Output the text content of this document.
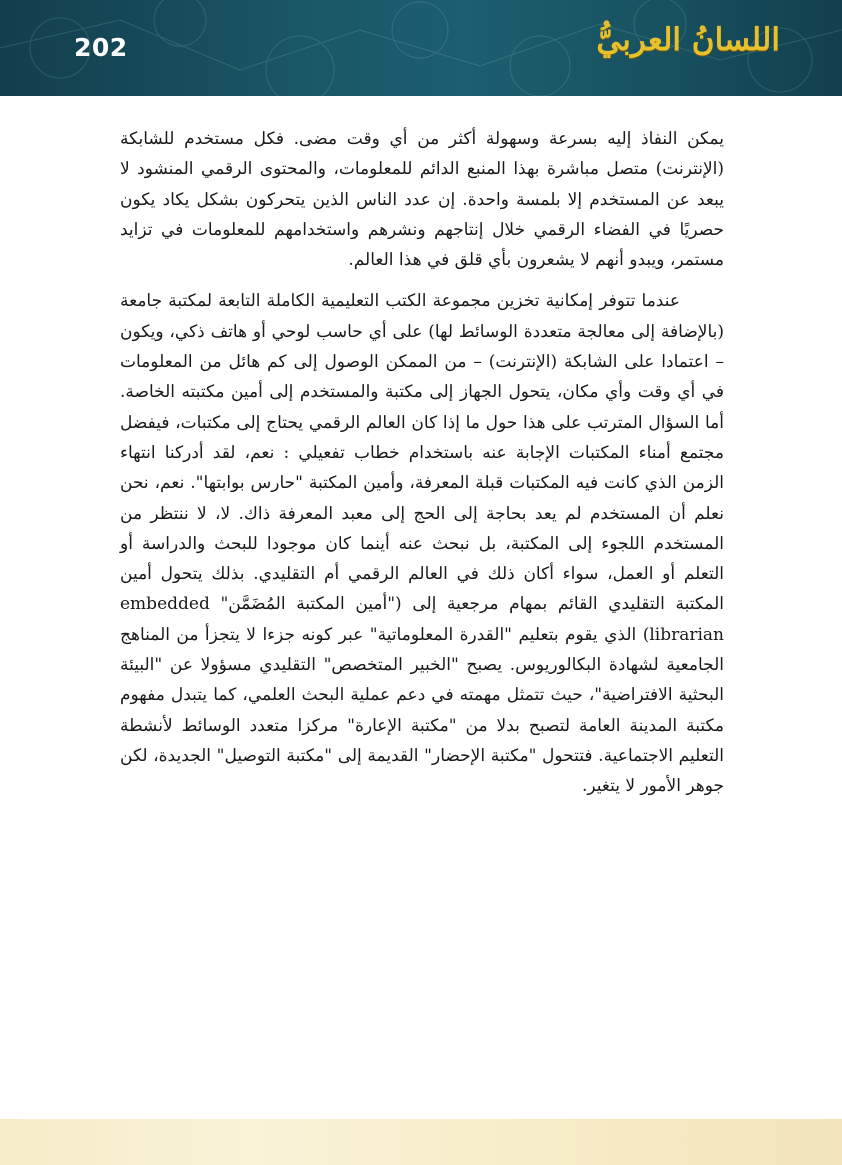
202	اللسانُ العربيُّ

يمكن النفاذ إليه بسرعة وسهولة أكثر من أي وقت مضى. فكل مستخدم للشابكة (الإنترنت) متصل مباشرة بهذا المنبع الدائم للمعلومات، والمحتوى الرقمي المنشود لا يبعد عن المستخدم إلا بلمسة واحدة. إن عدد الناس الذين يتحركون بشكل يكاد يكون حصريًا في الفضاء الرقمي خلال إنتاجهم ونشرهم واستخدامهم للمعلومات في تزايد مستمر، ويبدو أنهم لا يشعرون بأي قلق في هذا العالم.

عندما تتوفر إمكانية تخزين مجموعة الكتب التعليمية الكاملة التابعة لمكتبة جامعة (بالإضافة إلى معالجة متعددة الوسائط لها) على أي حاسب لوحي أو هاتف ذكي، ويكون – اعتمادا على الشابكة (الإنترنت) – من الممكن الوصول إلى كم هائل من المعلومات في أي وقت وأي مكان، يتحول الجهاز إلى مكتبة والمستخدم إلى أمين مكتبته الخاصة. أما السؤال المترتب على هذا حول ما إذا كان العالم الرقمي يحتاج إلى مكتبات، فيفضل مجتمع أمناء المكتبات الإجابة عنه باستخدام خطاب تفعيلي : نعم، لقد أدركنا انتهاء الزمن الذي كانت فيه المكتبات قبلة المعرفة، وأمين المكتبة "حارس بوابتها". نعم، نحن نعلم أن المستخدم لم يعد بحاجة إلى الحج إلى معبد المعرفة ذاك. لا، لا ننتظر من المستخدم اللجوء إلى المكتبة، بل نبحث عنه أينما كان موجودا للبحث والدراسة أو التعلم أو العمل، سواء أكان ذلك في العالم الرقمي أم التقليدي. بذلك يتحول أمين المكتبة التقليدي القائم بمهام مرجعية إلى ("أمين المكتبة المُضَمَّن" embedded librarian) الذي يقوم بتعليم "القدرة المعلوماتية" عبر كونه جزءا لا يتجزأ من المناهج الجامعية لشهادة البكالوريوس. يصبح "الخبير المتخصص" التقليدي مسؤولا عن "البيئة البحثية الافتراضية"، حيث تتمثل مهمته في دعم عملية البحث العلمي، كما يتبدل مفهوم مكتبة المدينة العامة لتصبح بدلا من "مكتبة الإعارة" مركزا متعدد الوسائط لأنشطة التعليم الاجتماعية. فتتحول "مكتبة الإحضار" القديمة إلى "مكتبة التوصيل" الجديدة، لكن جوهر الأمور لا يتغير.
